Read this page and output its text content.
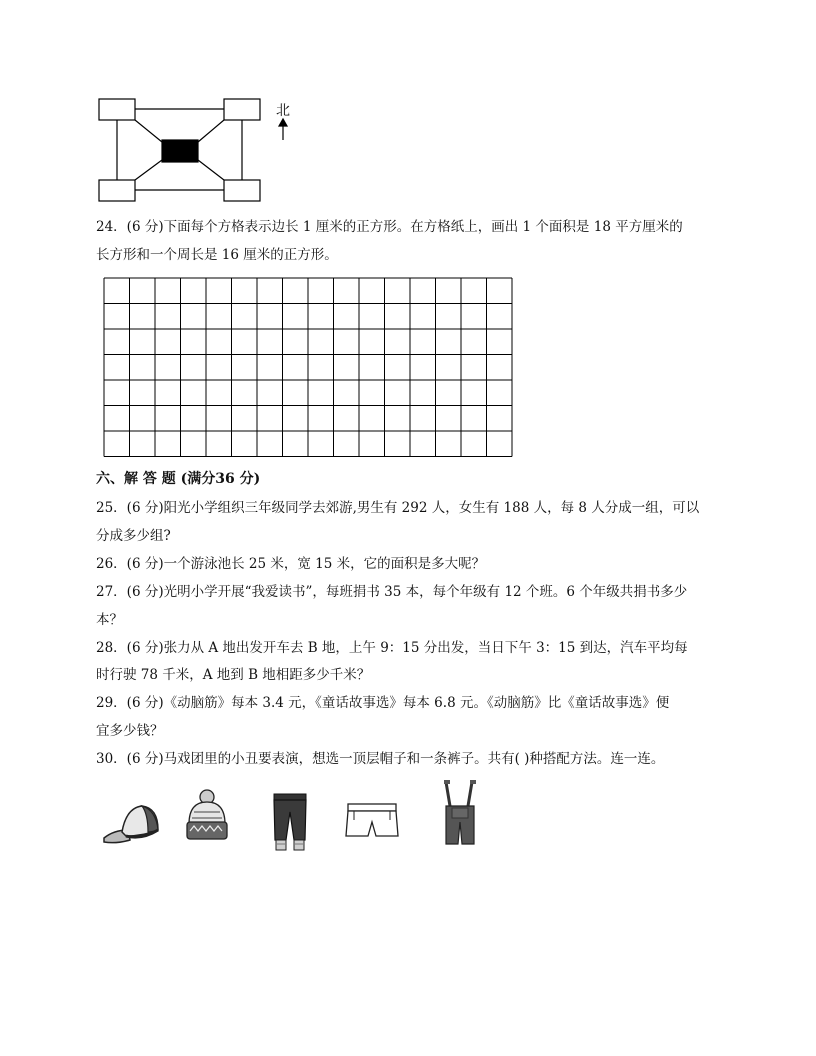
北
24．(6 分)下面每个方格表示边长 1 厘米的正方形。在方格纸上，画出 1 个面积是 18 平方厘米的
长方形和一个周长是 16 厘米的正方形。
六、解 答 题 (满分36 分)
25．(6 分)阳光小学组织三年级同学去郊游,男生有 292 人，女生有 188 人，每 8 人分成一组，可以
分成多少组?
26．(6 分)一个游泳池长 25 米，宽 15 米，它的面积是多大呢？
27．(6 分)光明小学开展“我爱读书”，每班捐书 35 本，每个年级有 12 个班。6 个年级共捐书多少
本？
28．(6 分)张力从 A 地出发开车去 B 地，上午 9：15 分出发，当日下午 3：15 到达，汽车平均每
时行驶 78 千米，A 地到 B 地相距多少千米？
29．(6 分)《动脑筋》每本 3.4 元，《童话故事选》每本 6.8 元。《动脑筋》比《童话故事选》便
宜多少钱？
30．(6 分)马戏团里的小丑要表演，想选一顶层帽子和一条裤子。共有( )种搭配方法。连一连。
